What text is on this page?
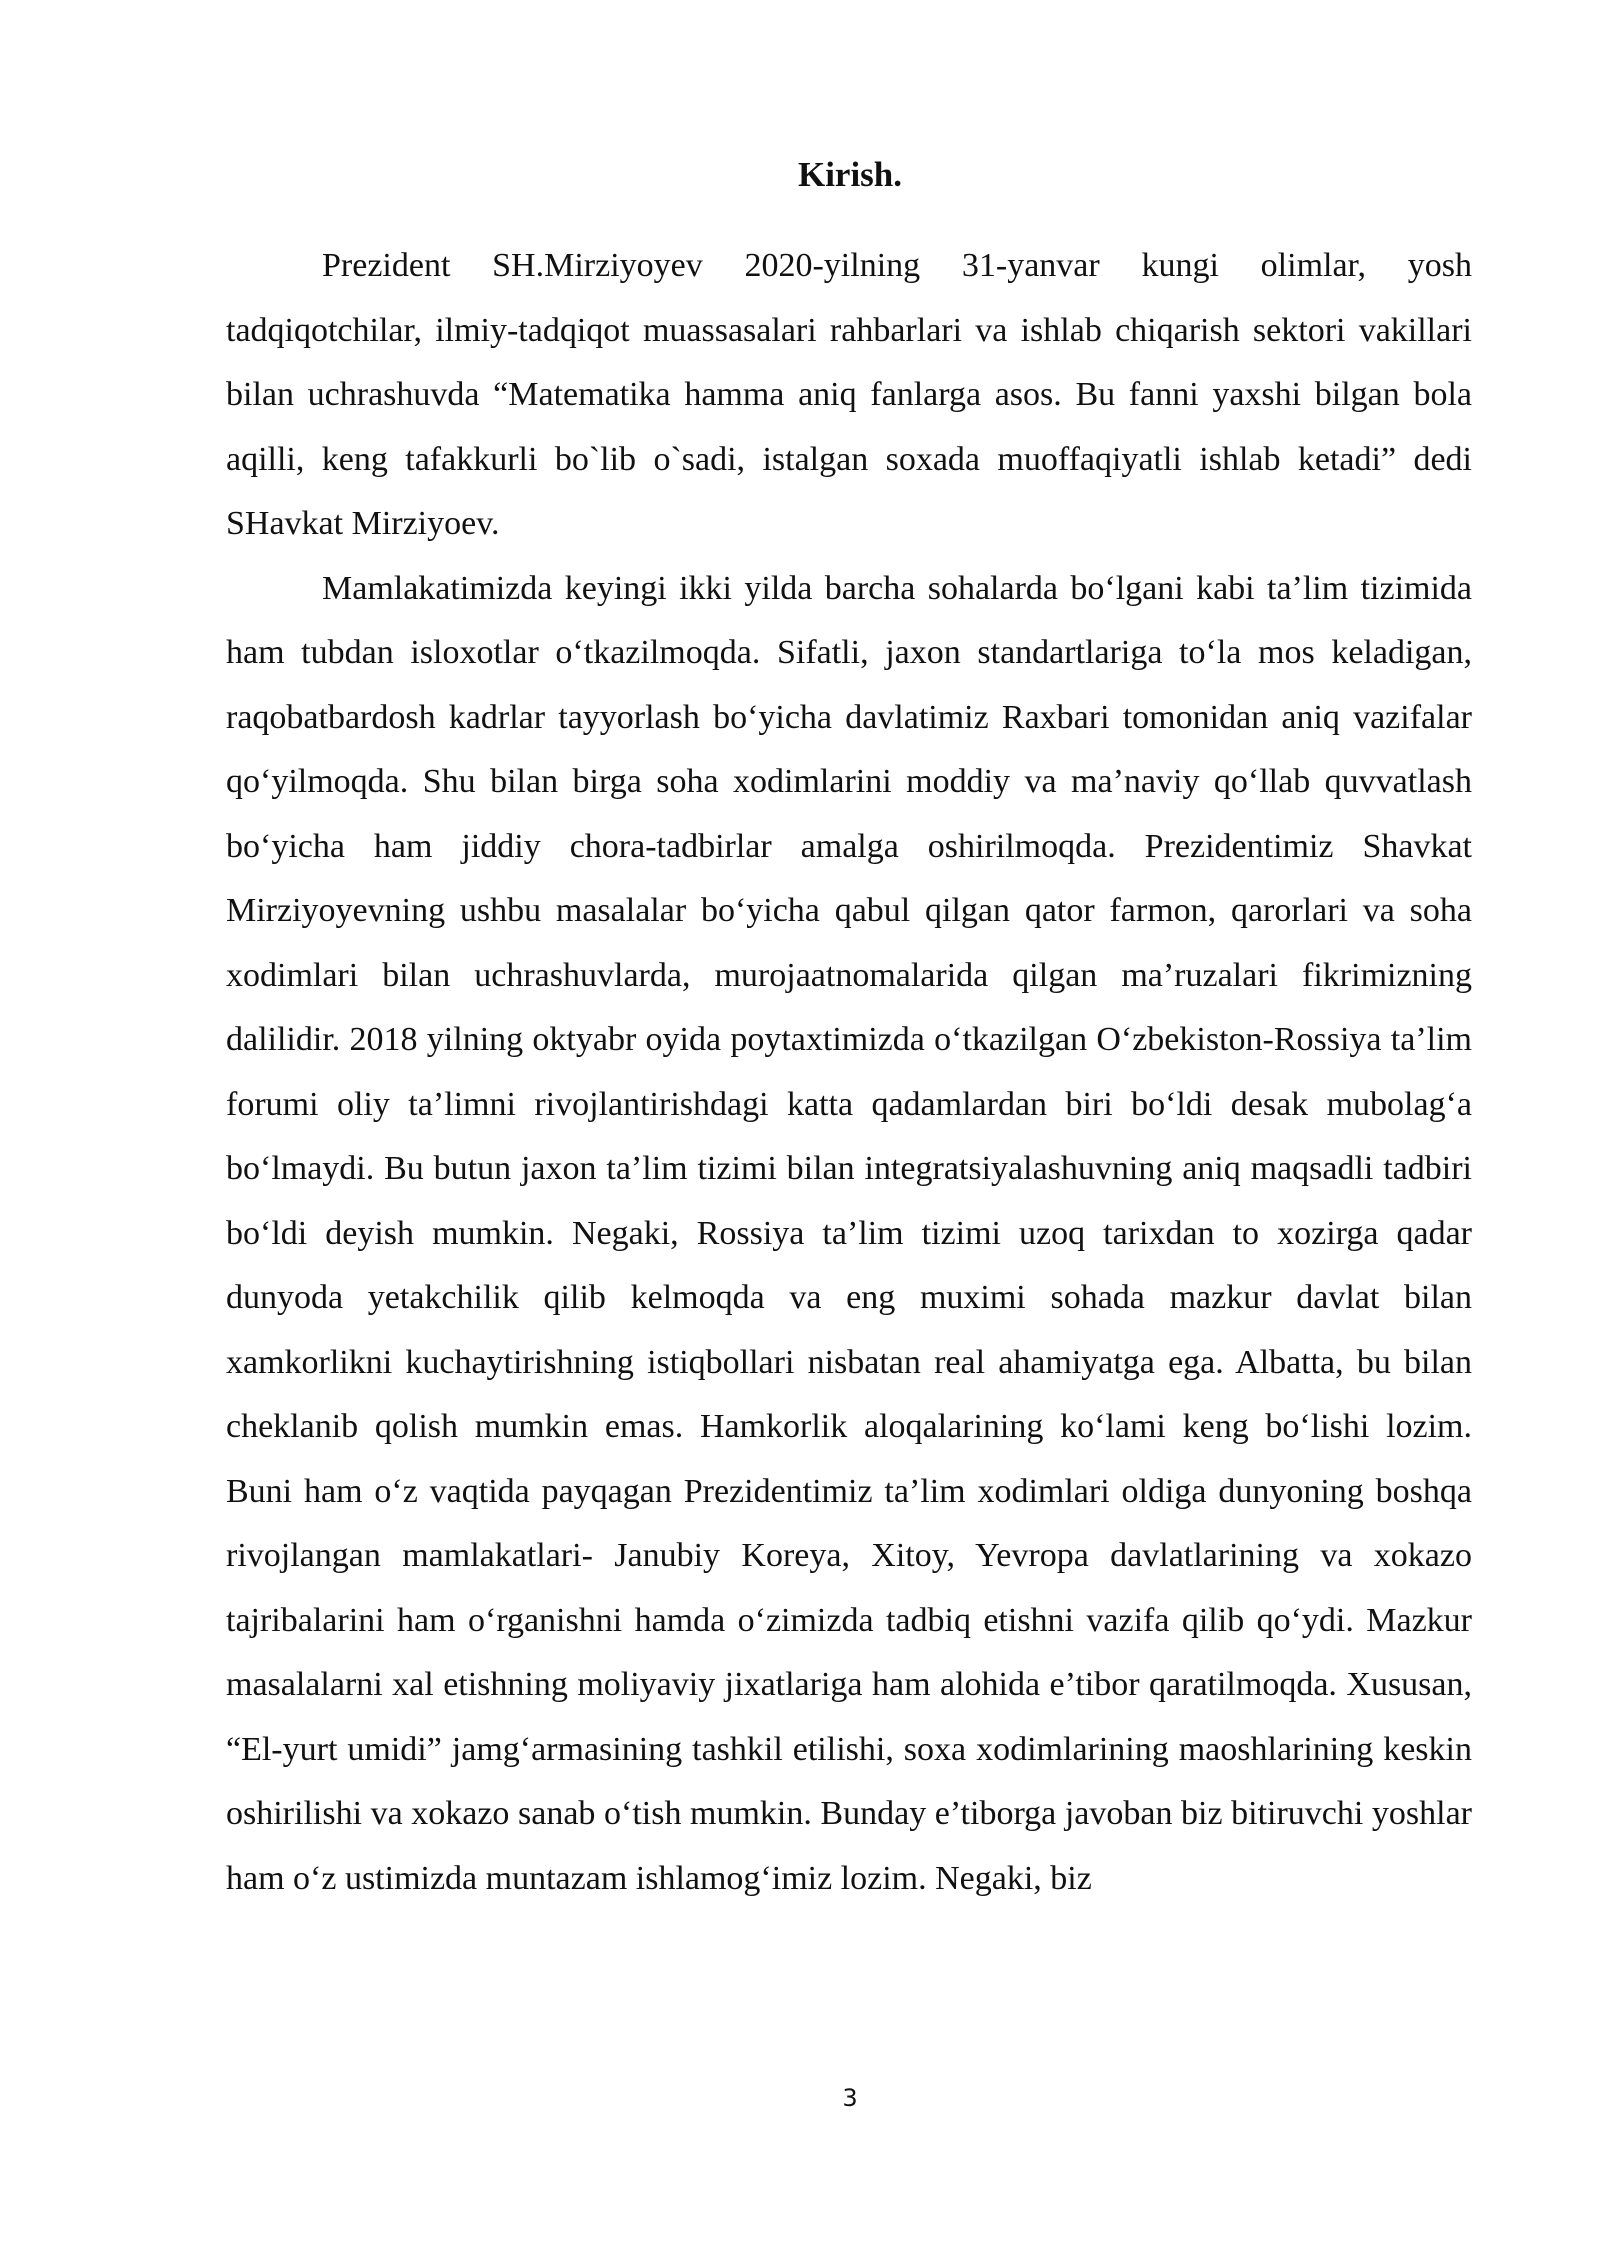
Kirish.

Prezident SH.Mirziyoyev 2020-yilning 31-yanvar kungi olimlar, yosh tadqiqotchilar, ilmiy-tadqiqot muassasalari rahbarlari va ishlab chiqarish sektori vakillari bilan uchrashuvda “Matematika hamma aniq fanlarga asos. Bu fanni yaxshi bilgan bola aqilli, keng tafakkurli bo`lib o`sadi, istalgan soxada muoffaqiyatli ishlab ketadi” dedi SHavkat Mirziyoev.

Mamlakatimizda keyingi ikki yilda barcha sohalarda bo‘lgani kabi ta’lim tizimida ham tubdan isloxotlar o‘tkazilmoqda. Sifatli, jaxon standartlariga to‘la mos keladigan, raqobatbardosh kadrlar tayyorlash bo‘yicha davlatimiz Raxbari tomonidan aniq vazifalar qo‘yilmoqda. Shu bilan birga soha xodimlarini moddiy va ma’naviy qo‘llab quvvatlash bo‘yicha ham jiddiy chora-tadbirlar amalga oshirilmoqda. Prezidentimiz Shavkat Mirziyoyevning ushbu masalalar bo‘yicha qabul qilgan qator farmon, qarorlari va soha xodimlari bilan uchrashuvlarda, murojaatnomalarida qilgan ma’ruzalari fikrimizning dalilidir. 2018 yilning oktyabr oyida poytaxtimizda o‘tkazilgan O‘zbekiston-Rossiya ta’lim forumi oliy ta’limni rivojlantirishdagi katta qadamlardan biri bo‘ldi desak mubolag‘a bo‘lmaydi. Bu butun jaxon ta’lim tizimi bilan integratsiyalashuvning aniq maqsadli tadbiri bo‘ldi deyish mumkin. Negaki, Rossiya ta’lim tizimi uzoq tarixdan to xozirga qadar dunyoda yetakchilik qilib kelmoqda va eng muximi sohada mazkur davlat bilan xamkorlikni kuchaytirishning istiqbollari nisbatan real ahamiyatga ega. Albatta, bu bilan cheklanib qolish mumkin emas. Hamkorlik aloqalarining ko‘lami keng bo‘lishi lozim. Buni ham o‘z vaqtida payqagan Prezidentimiz ta’lim xodimlari oldiga dunyoning boshqa rivojlangan mamlakatlari- Janubiy Koreya, Xitoy, Yevropa davlatlarining va xokazo tajribalarini ham o‘rganishni hamda o‘zimizda tadbiq etishni vazifa qilib qo‘ydi. Mazkur masalalarni xal etishning moliyaviy jixatlariga ham alohida e’tibor qaratilmoqda. Xususan, “El-yurt umidi” jamg‘armasining tashkil etilishi, soxa xodimlarining maoshlarining keskin oshirilishi va xokazo sanab o‘tish mumkin. Bunday e’tiborga javoban biz bitiruvchi yoshlar ham o‘z ustimizda muntazam ishlamog‘imiz lozim. Negaki, biz

3
